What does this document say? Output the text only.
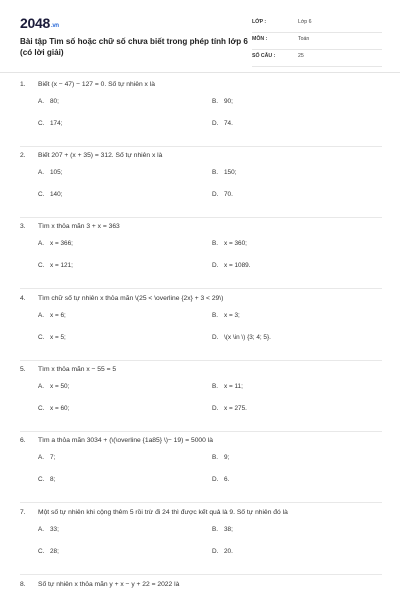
2048.vn
Bài tập Tìm số hoặc chữ số chưa biết trong phép tính lớp 6 (có lời giải)
LỚP :	Lớp 6
MÔN :	Toán
SỐ CÂU :	25
1. Biết (x − 47) − 127 = 0. Số tự nhiên x là
A. 80;	B. 90;
C. 174;	D. 74.
2. Biết 207 + (x + 35) = 312. Số tự nhiên x là
A. 105;	B. 150;
C. 140;	D. 70.
3. Tìm x thỏa mãn 3 + x = 363
A. x = 366;	B. x = 360;
C. x = 121;	D. x = 1089.
4. Tìm chữ số tự nhiên x thỏa mãn \(25 < \overline {2x} + 3 < 29\)
A. x = 6;	B. x = 3;
C. x = 5;	D. \(x \in \) {3; 4; 5}.
5. Tìm x thỏa mãn x − 55 = 5
A. x = 50;	B. x = 11;
C. x = 60;	D. x = 275.
6. Tìm a thỏa mãn 3034 + (\(\overline {1a85} \)− 19) = 5000 là
A. 7;	B. 9;
C. 8;	D. 6.
7. Một số tự nhiên khi cộng thêm 5 rồi trừ đi 24 thì được kết quả là 9. Số tự nhiên đó là
A. 33;	B. 38;
C. 28;	D. 20.
8. Số tự nhiên x thỏa mãn y + x − y + 22 = 2022 là
